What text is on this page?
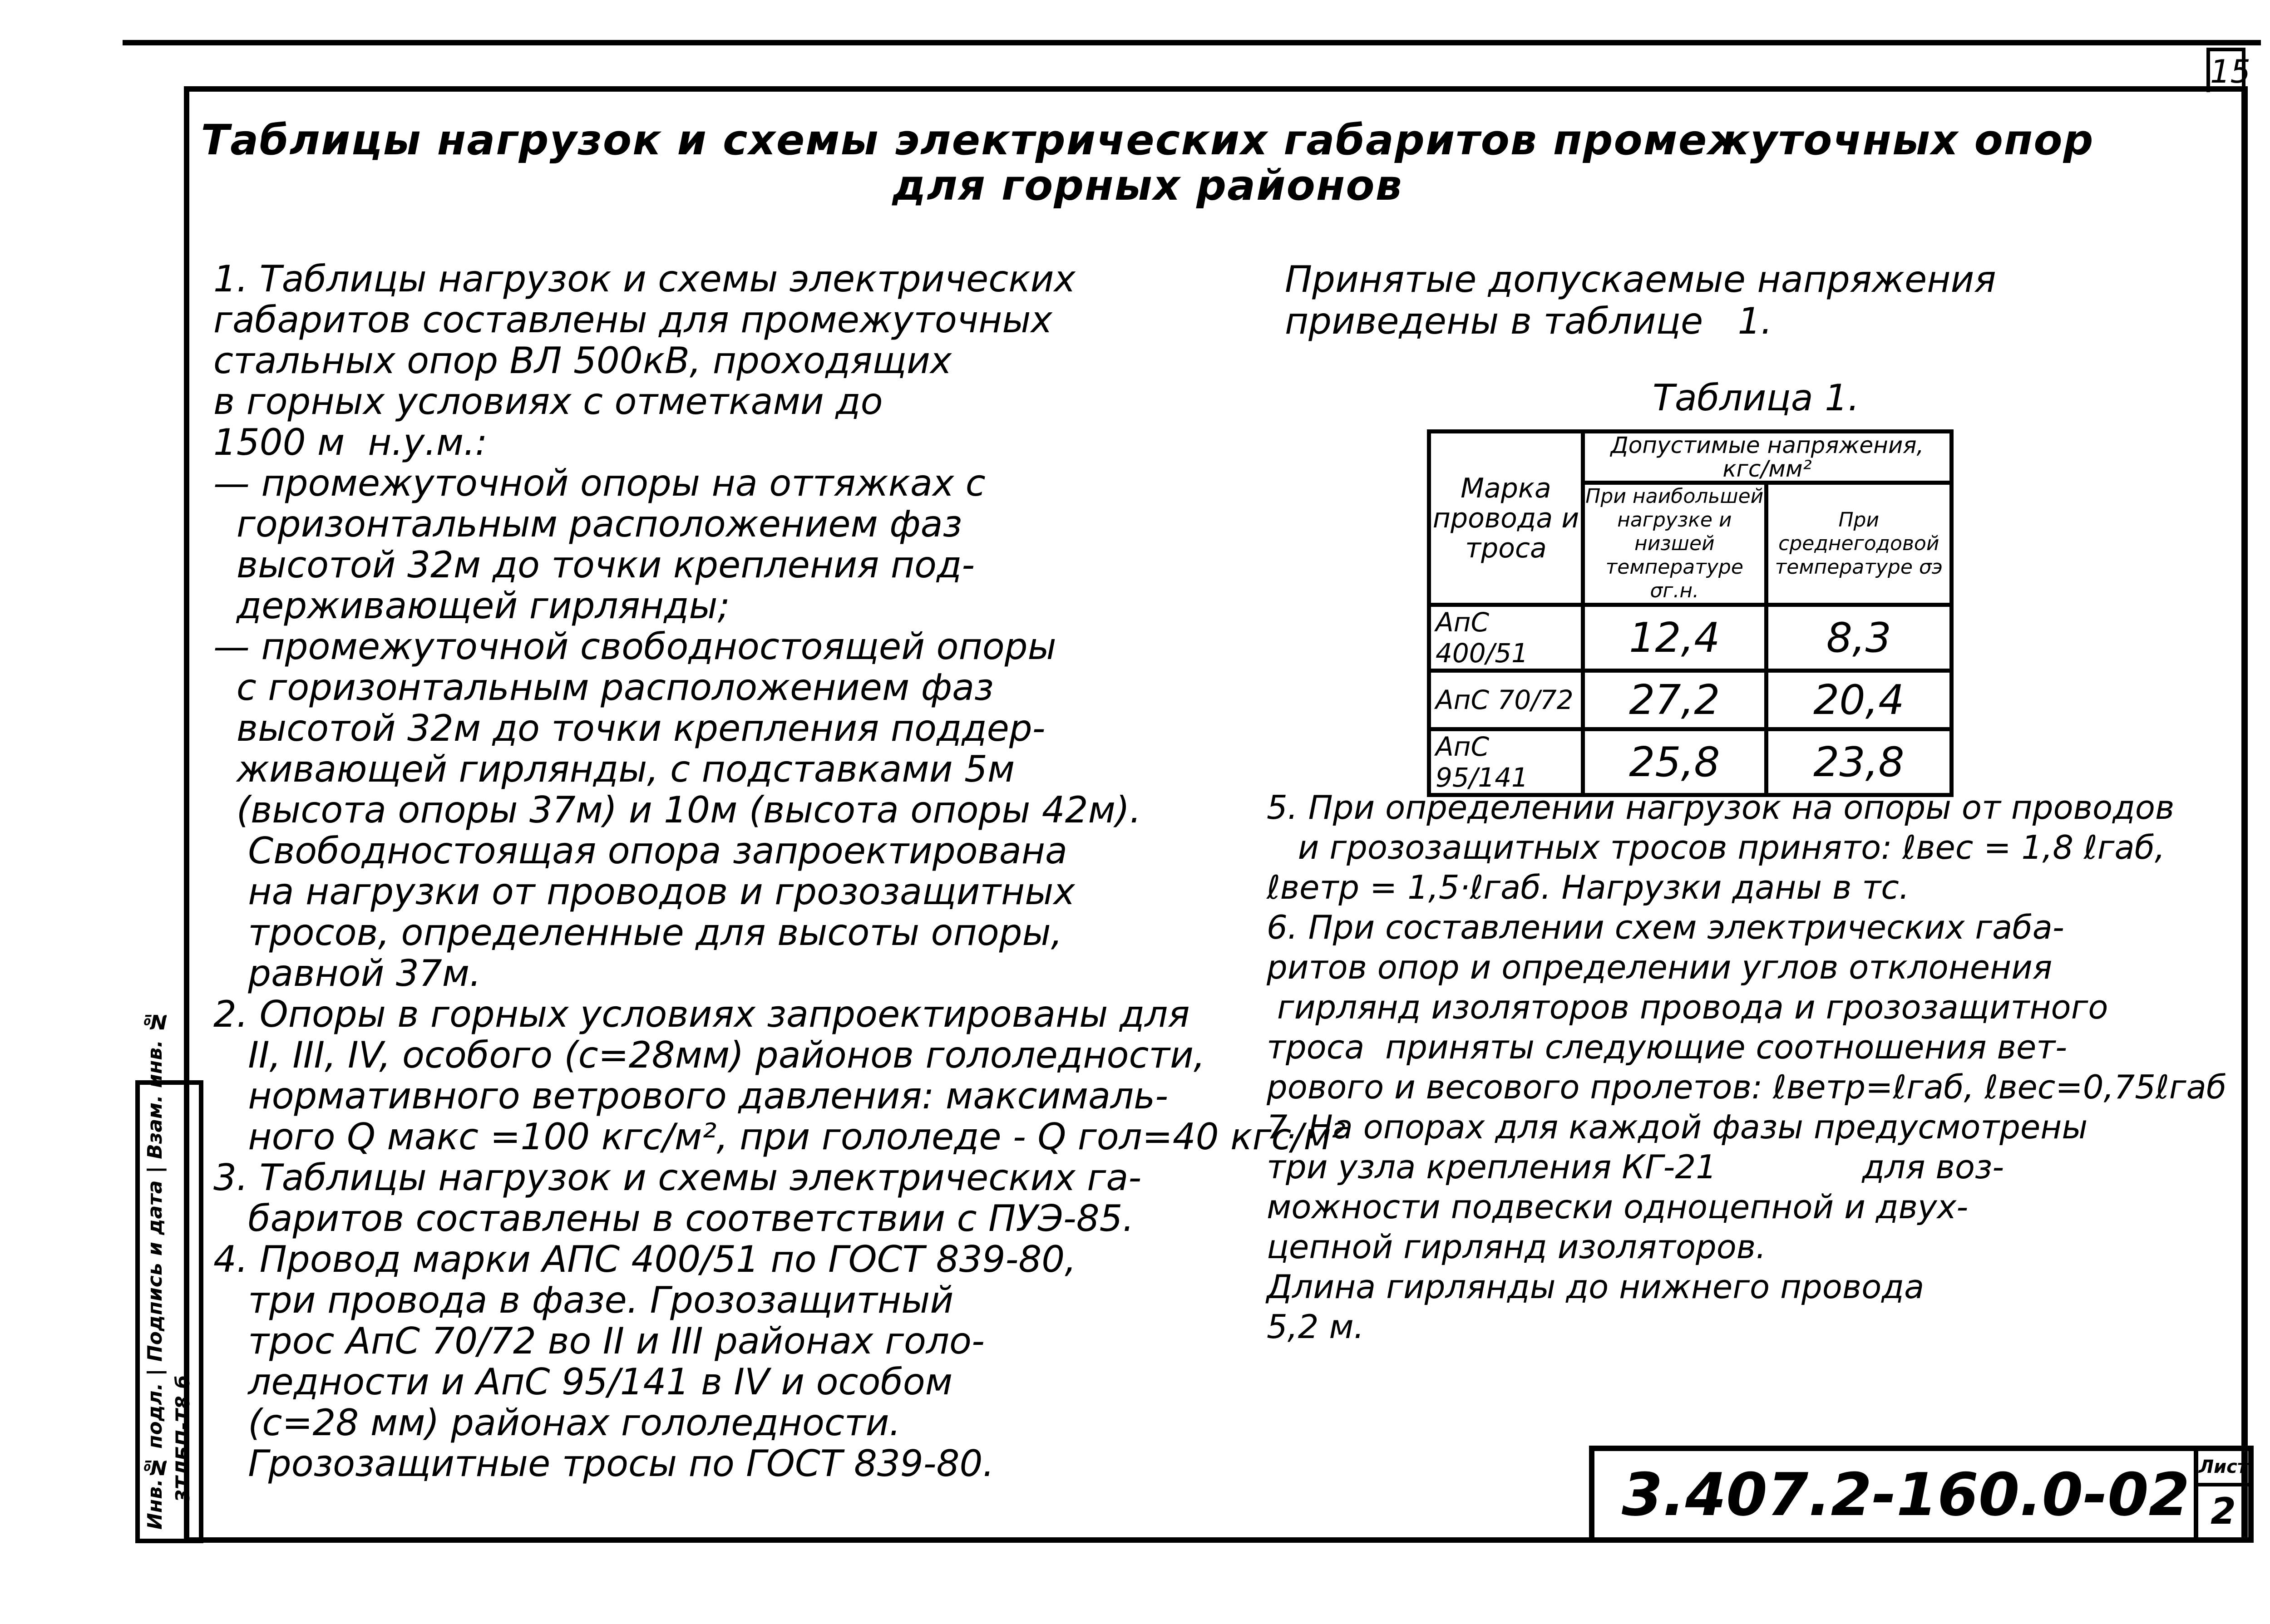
15
Таблицы нагрузок и схемы электрических габаритов промежуточных опор
для горных районов
1. Таблицы нагрузок и схемы электрических
габаритов составлены для промежуточных
стальных опор ВЛ 500кВ, проходящих
в горных условиях с отметками до
1500 м  н.у.м.:
— промежуточной опоры на оттяжках с
горизонтальным расположением фаз
высотой 32м до точки крепления под-
держивающей гирлянды;
— промежуточной свободностоящей опоры
с горизонтальным расположением фаз
высотой 32м до точки крепления поддер-
живающей гирлянды, с подставками 5м
(высота опоры 37м) и 10м (высота опоры 42м).
Свободностоящая опора запроектирована
на нагрузки от проводов и грозозащитных
тросов, определенные для высоты опоры,
равной 37м.
2. Опоры в горных условиях запроектированы для
II, III, IV, особого (с=28мм) районов гололедности,
нормативного ветрового давления: максималь-
ного Q макс =100 кгс/м², при гололеде - Q гол=40 кгс/м²
3. Таблицы нагрузок и схемы электрических га-
баритов составлены в соответствии с ПУЭ-85.
4. Провод марки АПС 400/51 по ГОСТ 839-80,
три провода в фазе. Грозозащитный
трос АпС 70/72 во II и III районах голо-
ледности и АпС 95/141 в IV и особом
(с=28 мм) районах гололедности.
Грозозащитные тросы по ГОСТ 839-80.
Принятые допускаемые напряжения
приведены в таблице   1.
Таблица 1.
Марка провода и троса	Допустимые напряжения, кгс/мм²	
	При наибольшей нагрузке и низшей температуре σг.н.	При среднегодовой температуре σэ
АпС 400/51	12,4	8,3
АпС 70/72	27,2	20,4
АпС 95/141	25,8	23,8
5. При определении нагрузок на опоры от проводов
и грозозащитных тросов принято: ℓвес = 1,8 ℓгаб,
ℓветр = 1,5·ℓгаб. Нагрузки даны в тс.
6. При составлении схем электрических габа-
ритов опор и определении углов отклонения
гирлянд изоляторов провода и грозозащитного
троса  приняты следующие соотношения вет-
рового и весового пролетов: ℓветр=ℓгаб, ℓвес=0,75ℓгаб
7. На опорах для каждой фазы предусмотрены
три узла крепления КГ-21              для воз-
можности подвески одноцепной и двух-
цепной гирлянд изоляторов.
Длина гирлянды до нижнего провода
5,2 м.
Инв.№ подл. | Подпись и дата | Взам. инв. №
3ТЛБП-Т8.б	3.407.2-160.0-02 Лист
2
